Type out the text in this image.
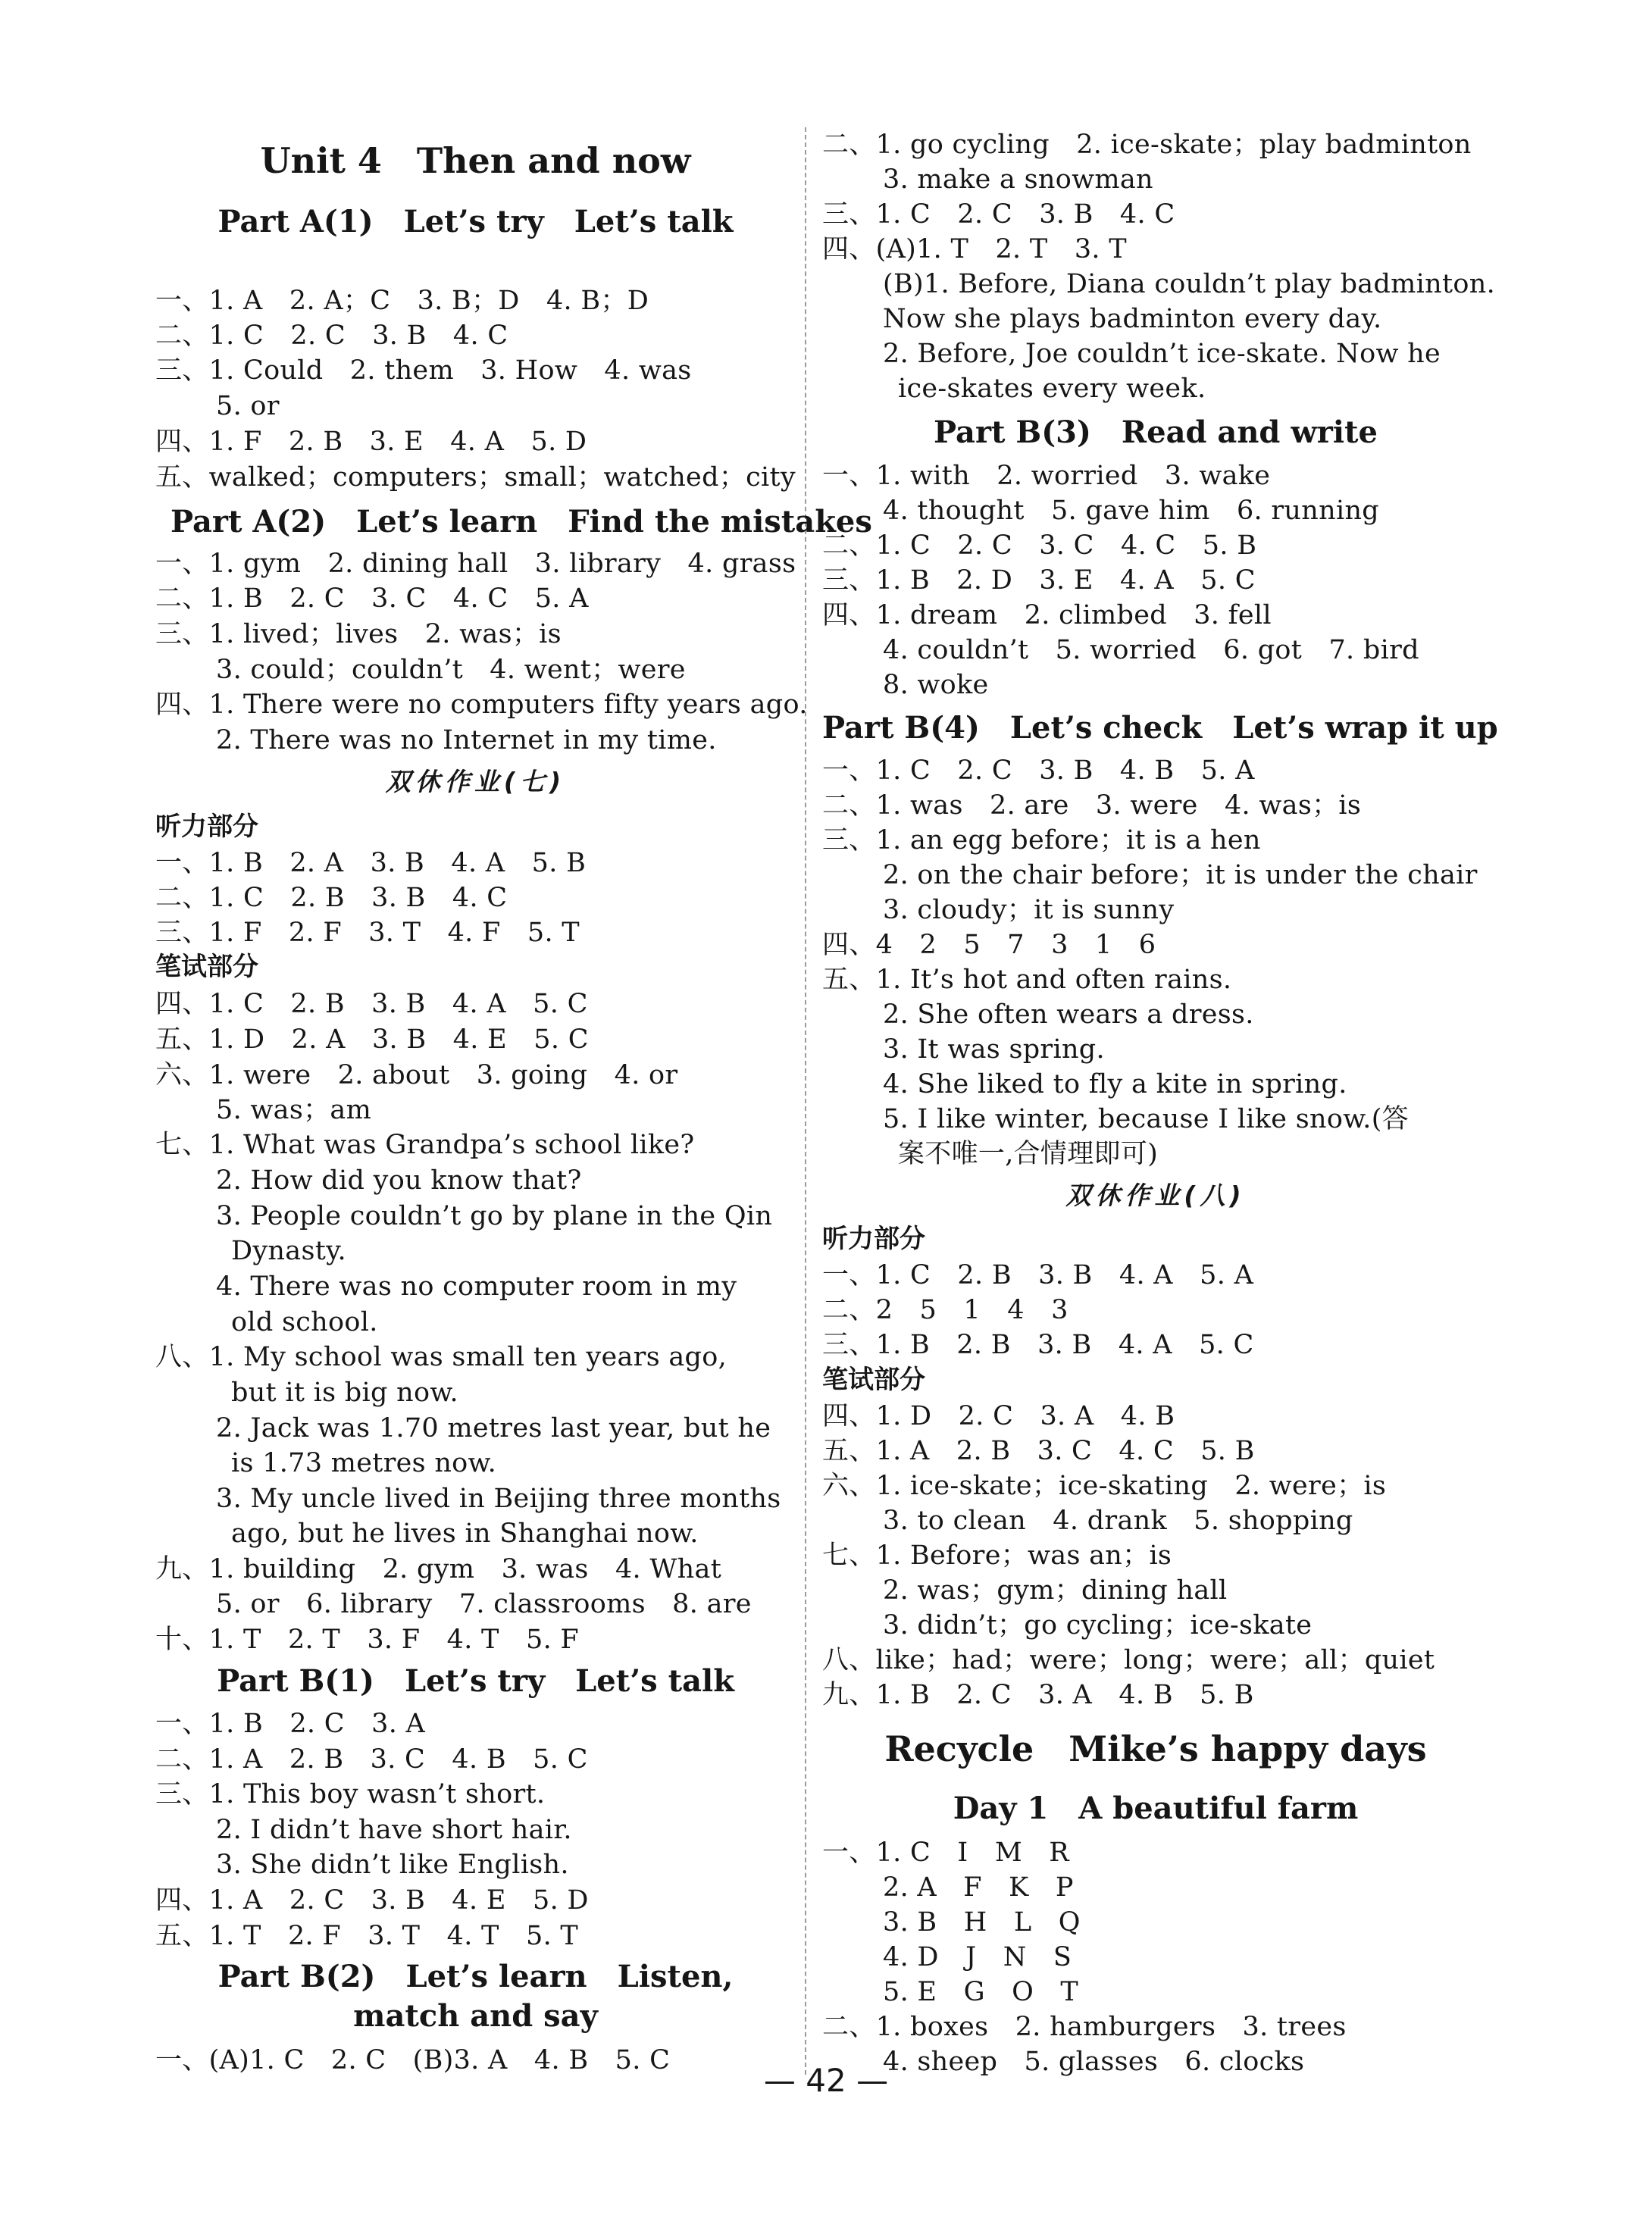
Unit 4　Then and now
Part A(1)　Let’s try　Let’s talk
一、1. A　2. A；C　3. B；D　4. B；D
二、1. C　2. C　3. B　4. C
三、1. Could　2. them　3. How　4. was
5. or
四、1. F　2. B　3. E　4. A　5. D
五、walked；computers；small；watched；city
Part A(2)　Let’s learn　Find the mistakes
一、1. gym　2. dining hall　3. library　4. grass
二、1. B　2. C　3. C　4. C　5. A
三、1. lived；lives　2. was；is
3. could；couldn’t　4. went；were
四、1. There were no computers fifty years ago.
2. There was no Internet in my time.
双休作业(七)
听力部分
一、1. B　2. A　3. B　4. A　5. B
二、1. C　2. B　3. B　4. C
三、1. F　2. F　3. T　4. F　5. T
笔试部分
四、1. C　2. B　3. B　4. A　5. C
五、1. D　2. A　3. B　4. E　5. C
六、1. were　2. about　3. going　4. or
5. was；am
七、1. What was Grandpa’s school like?
2. How did you know that?
3. People couldn’t go by plane in the Qin
Dynasty.
4. There was no computer room in my
old school.
八、1. My school was small ten years ago,
but it is big now.
2. Jack was 1.70 metres last year, but he
is 1.73 metres now.
3. My uncle lived in Beijing three months
ago, but he lives in Shanghai now.
九、1. building　2. gym　3. was　4. What
5. or　6. library　7. classrooms　8. are
十、1. T　2. T　3. F　4. T　5. F
Part B(1)　Let’s try　Let’s talk
一、1. B　2. C　3. A
二、1. A　2. B　3. C　4. B　5. C
三、1. This boy wasn’t short.
2. I didn’t have short hair.
3. She didn’t like English.
四、1. A　2. C　3. B　4. E　5. D
五、1. T　2. F　3. T　4. T　5. T
Part B(2)　Let’s learn　Listen,
match and say
一、(A)1. C　2. C　(B)3. A　4. B　5. C
二、1. go cycling　2. ice-skate；play badminton
3. make a snowman
三、1. C　2. C　3. B　4. C
四、(A)1. T　2. T　3. T
(B)1. Before, Diana couldn’t play badminton.
Now she plays badminton every day.
2. Before, Joe couldn’t ice-skate. Now he
ice-skates every week.
Part B(3)　Read and write
一、1. with　2. worried　3. wake
4. thought　5. gave him　6. running
二、1. C　2. C　3. C　4. C　5. B
三、1. B　2. D　3. E　4. A　5. C
四、1. dream　2. climbed　3. fell
4. couldn’t　5. worried　6. got　7. bird
8. woke
Part B(4)　Let’s check　Let’s wrap it up
一、1. C　2. C　3. B　4. B　5. A
二、1. was　2. are　3. were　4. was；is
三、1. an egg before；it is a hen
2. on the chair before；it is under the chair
3. cloudy；it is sunny
四、4　2　5　7　3　1　6
五、1. It’s hot and often rains.
2. She often wears a dress.
3. It was spring.
4. She liked to fly a kite in spring.
5. I like winter, because I like snow.(答
案不唯一,合情理即可)
双休作业(八)
听力部分
一、1. C　2. B　3. B　4. A　5. A
二、2　5　1　4　3
三、1. B　2. B　3. B　4. A　5. C
笔试部分
四、1. D　2. C　3. A　4. B
五、1. A　2. B　3. C　4. C　5. B
六、1. ice-skate；ice-skating　2. were；is
3. to clean　4. drank　5. shopping
七、1. Before；was an；is
2. was；gym；dining hall
3. didn’t；go cycling；ice-skate
八、like；had；were；long；were；all；quiet
九、1. B　2. C　3. A　4. B　5. B
Recycle　Mike’s happy days
Day 1　A beautiful farm
一、1. C　I　M　R
2. A　F　K　P
3. B　H　L　Q
4. D　J　N　S
5. E　G　O　T
二、1. boxes　2. hamburgers　3. trees
4. sheep　5. glasses　6. clocks
— 42 —
